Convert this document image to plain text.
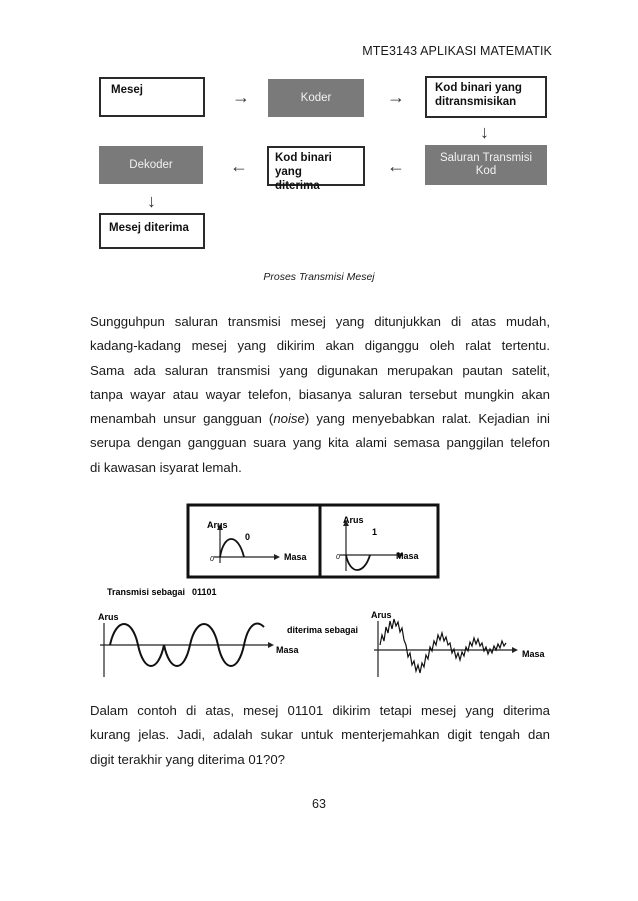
MTE3143 APLIKASI MATEMATIK
Mesej	→	Koder	→	Kod binari yang
ditransmisikan
↓
Dekoder	← Kod binari yang
diterima
←	Saluran Transmisi
Kod
↓
Mesej diterima
Proses Transmisi Mesej
Sungguhpun saluran transmisi mesej yang ditunjukkan di atas mudah,
kadang-kadang mesej yang dikirim akan diganggu oleh ralat tertentu.
Sama ada saluran transmisi yang digunakan merupakan pautan satelit,
tanpa wayar atau wayar telefon, biasanya saluran tersebut mungkin akan
menambah unsur gangguan (noise) yang menyebabkan ralat. Kejadian ini
serupa dengan gangguan suara yang kita alami semasa panggilan telefon
di kawasan isyarat lemah.
Arus
0
Masa
0
Arus
1
Masa
0
Transmisi sebagai 01101
Arus
Masa
diterima sebagai
Arus
Masa
Dalam contoh di atas, mesej 01101 dikirim tetapi mesej yang diterima
kurang jelas. Jadi, adalah sukar untuk menterjemahkan digit tengah dan
digit terakhir yang diterima 01?0?
63
